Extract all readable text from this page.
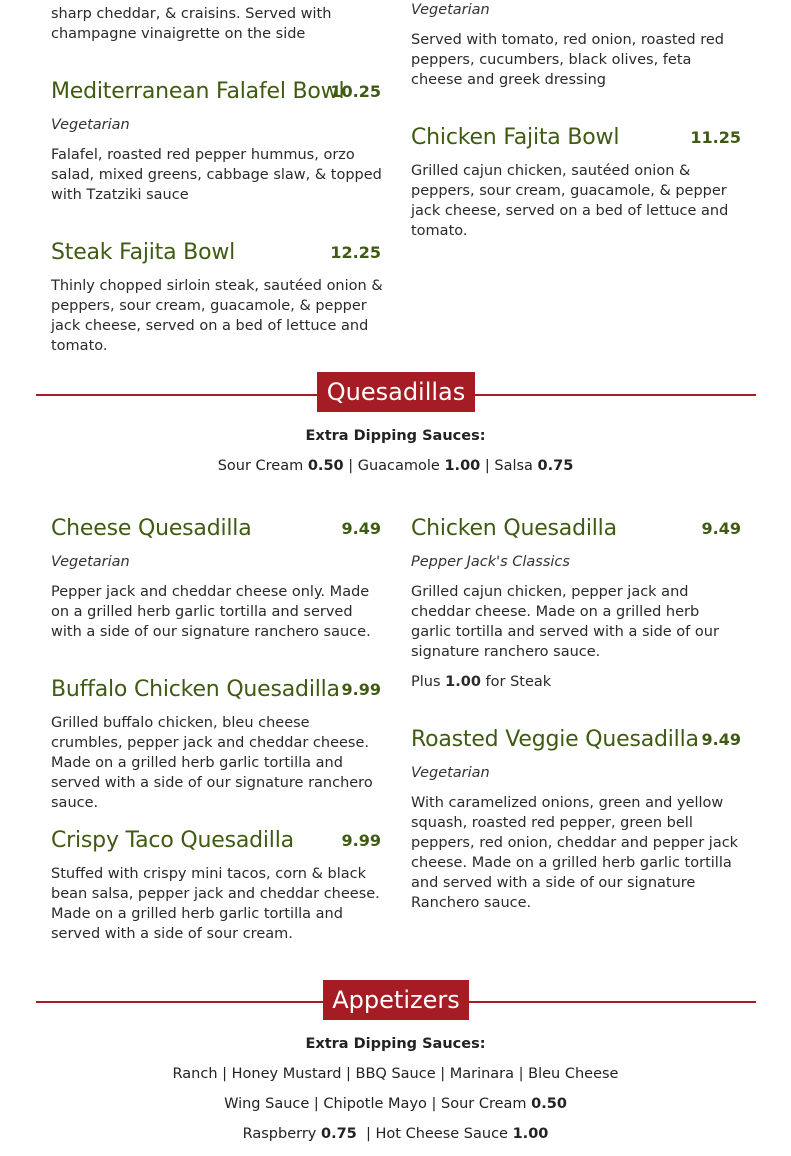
sharp cheddar, & craisins. Served with
champagne vinaigrette on the side
Vegetarian
Served with tomato, red onion, roasted red peppers, cucumbers, black olives, feta cheese and greek dressing
Mediterranean Falafel Bowl
10.25
Vegetarian
Falafel, roasted red pepper hummus, orzo salad, mixed greens, cabbage slaw, & topped with Tzatziki sauce
Steak Fajita Bowl	12.25
Thinly chopped sirloin steak, sautéed onion & peppers, sour cream, guacamole, & pepper jack cheese, served on a bed of lettuce and tomato.
Chicken Fajita Bowl	11.25
Grilled cajun chicken, sautéed onion & peppers, sour cream, guacamole, & pepper jack cheese, served on a bed of lettuce and tomato.
Quesadillas
Extra Dipping Sauces:
Sour Cream 0.50 | Guacamole 1.00 | Salsa 0.75
Cheese Quesadilla	9.49
Vegetarian
Pepper jack and cheddar cheese only. Made on a grilled herb garlic tortilla and served with a side of our signature ranchero sauce.
Buffalo Chicken Quesadilla 9.99
Grilled buffalo chicken, bleu cheese crumbles, pepper jack and cheddar cheese. Made on a grilled herb garlic tortilla and served with a side of our signature ranchero sauce.
Crispy Taco Quesadilla	9.99
Stuffed with crispy mini tacos, corn & black bean salsa, pepper jack and cheddar cheese. Made on a grilled herb garlic tortilla and served with a side of sour cream.
Chicken Quesadilla	9.49
Pepper Jack's Classics
Grilled cajun chicken, pepper jack and cheddar cheese. Made on a grilled herb garlic tortilla and served with a side of our signature ranchero sauce.
Plus 1.00 for Steak
Roasted Veggie Quesadilla 9.49
Vegetarian
With caramelized onions, green and yellow squash, roasted red pepper, green bell peppers, red onion, cheddar and pepper jack cheese. Made on a grilled herb garlic tortilla and served with a side of our signature Ranchero sauce.
Appetizers
Extra Dipping Sauces:
Ranch | Honey Mustard | BBQ Sauce | Marinara | Bleu Cheese
Wing Sauce | Chipotle Mayo | Sour Cream 0.50
Raspberry 0.75  | Hot Cheese Sauce 1.00
